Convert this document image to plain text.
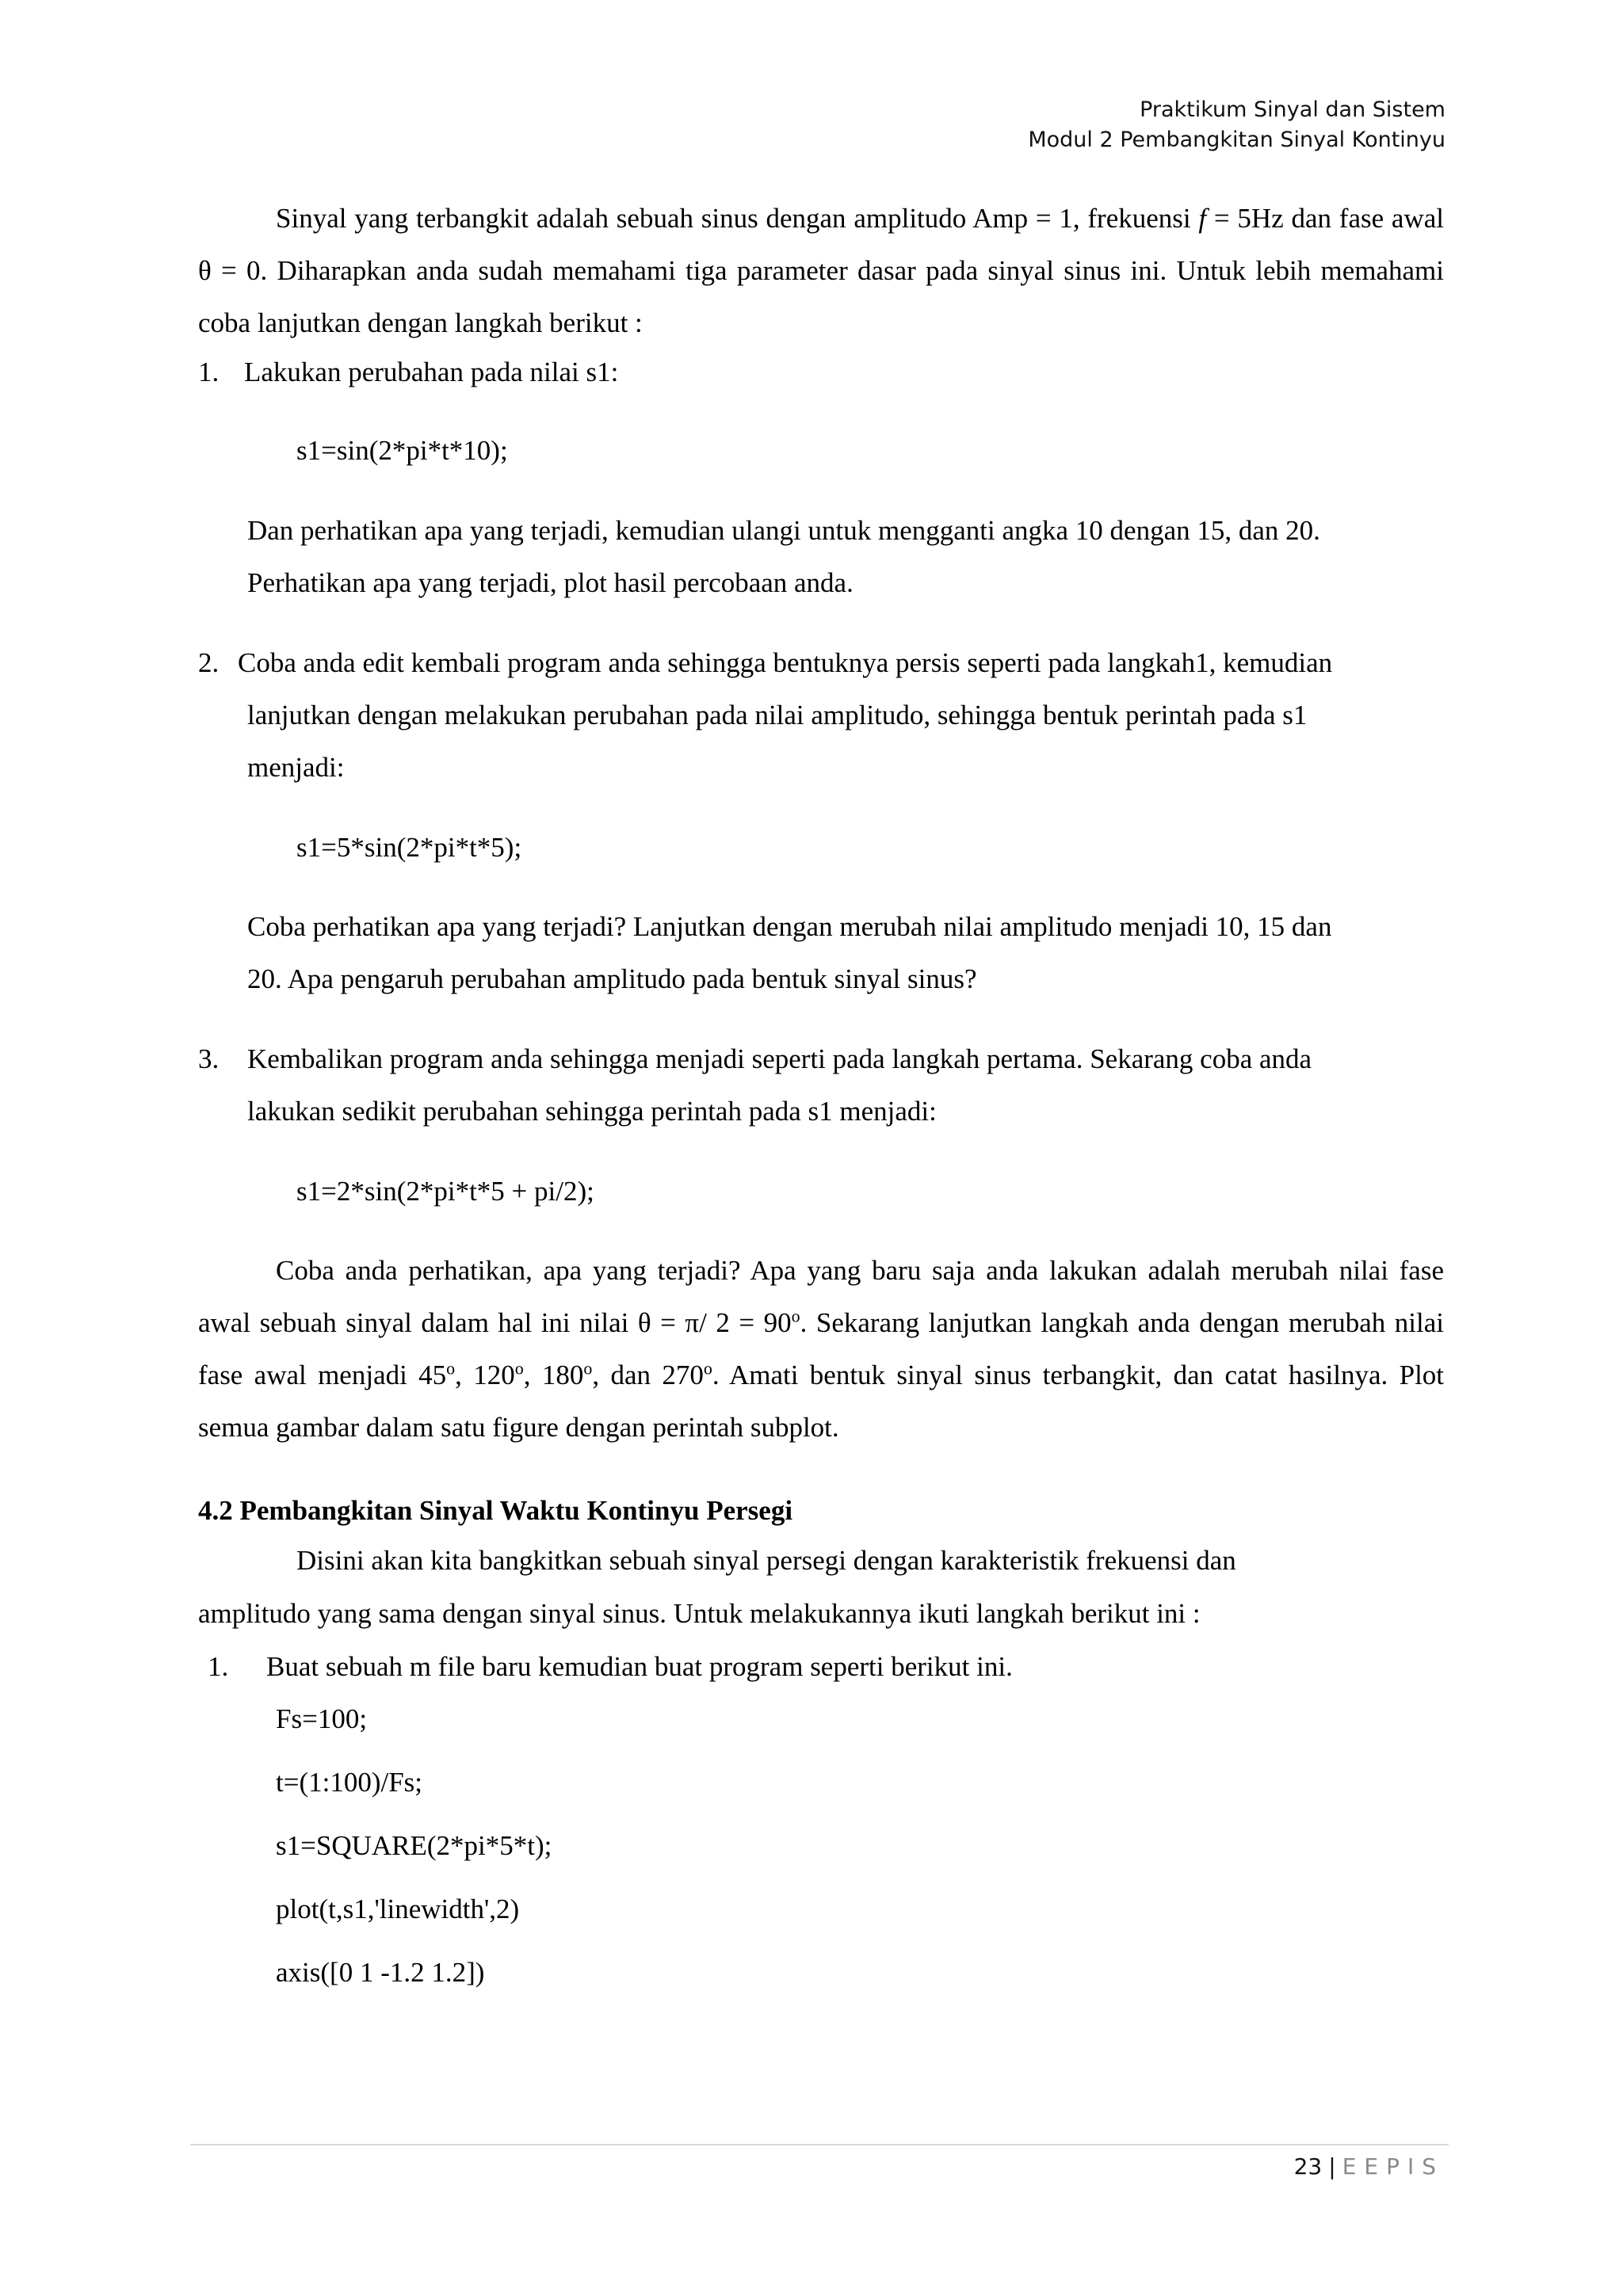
Praktikum Sinyal dan Sistem
Modul 2 Pembangkitan Sinyal Kontinyu
Sinyal yang terbangkit adalah sebuah sinus dengan amplitudo Amp = 1, frekuensi f = 5Hz dan fase awal θ = 0. Diharapkan anda sudah memahami tiga parameter dasar pada sinyal sinus ini. Untuk lebih memahami coba lanjutkan dengan langkah berikut :
1. Lakukan perubahan pada nilai s1:
s1=sin(2*pi*t*10);
Dan perhatikan apa yang terjadi, kemudian ulangi untuk mengganti angka 10 dengan 15, dan 20.
Perhatikan apa yang terjadi, plot hasil percobaan anda.
2. Coba anda edit kembali program anda sehingga bentuknya persis seperti pada langkah1, kemudian
lanjutkan dengan melakukan perubahan pada nilai amplitudo, sehingga bentuk perintah pada s1
menjadi:
s1=5*sin(2*pi*t*5);
Coba perhatikan apa yang terjadi? Lanjutkan dengan merubah nilai amplitudo menjadi 10, 15 dan
20. Apa pengaruh perubahan amplitudo pada bentuk sinyal sinus?
3. Kembalikan program anda sehingga menjadi seperti pada langkah pertama. Sekarang coba anda
lakukan sedikit perubahan sehingga perintah pada s1 menjadi:
s1=2*sin(2*pi*t*5 + pi/2);
Coba anda perhatikan, apa yang terjadi? Apa yang baru saja anda lakukan adalah merubah nilai fase awal sebuah sinyal dalam hal ini nilai θ = π/ $2 = 90^o$. Sekarang lanjutkan langkah anda dengan merubah nilai fase awal menjadi 45$^o$, 120$^o$, 180$^o$, dan 270$^o$. Amati bentuk sinyal sinus terbangkit, dan catat hasilnya. Plot semua gambar dalam satu figure dengan perintah subplot.
4.2 Pembangkitan Sinyal Waktu Kontinyu Persegi
Disini akan kita bangkitkan sebuah sinyal persegi dengan karakteristik frekuensi dan
amplitudo yang sama dengan sinyal sinus. Untuk melakukannya ikuti langkah berikut ini :
1. Buat sebuah m file baru kemudian buat program seperti berikut ini.
Fs=100;
t=(1:100)/Fs;
s1=SQUARE(2*pi*5*t);
plot(t,s1,'linewidth',2)
axis([0 1 -1.2 1.2])
23 | EEPIS
